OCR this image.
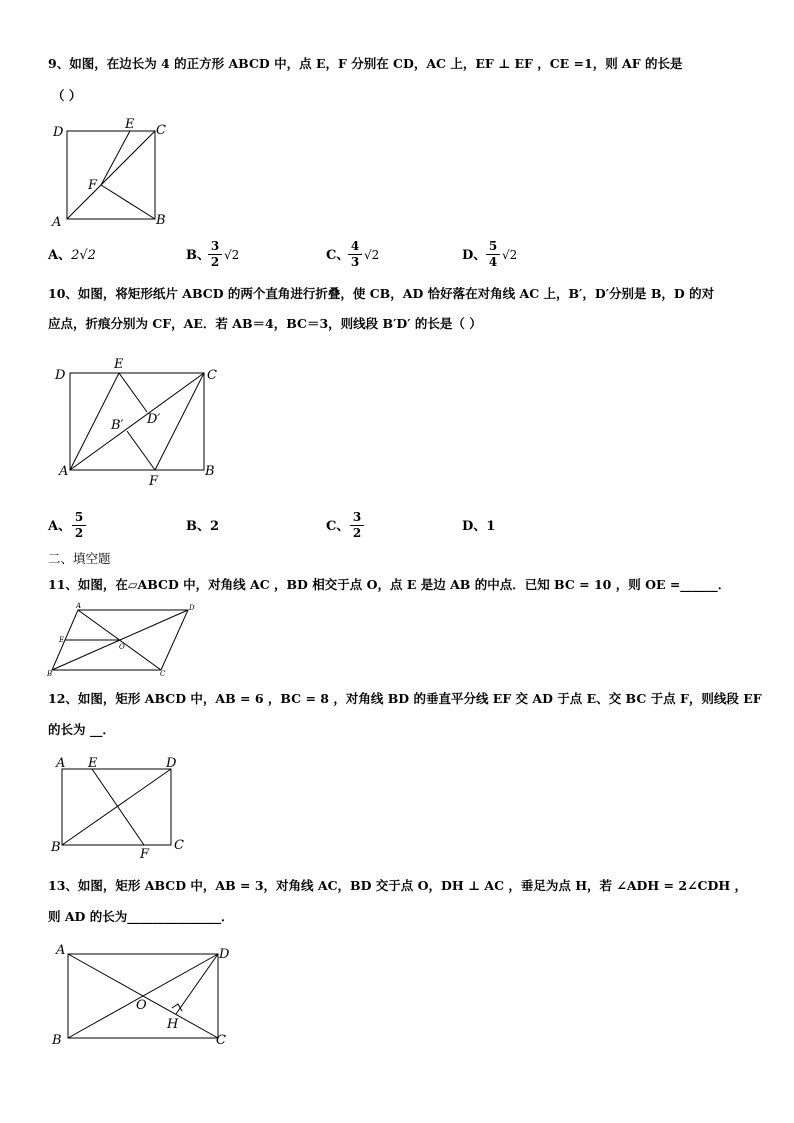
9、如图，在边长为 4 的正方形 ABCD 中，点 E，F 分别在 CD，AC 上，EF ⊥ EF ，CE =1，则 AF 的长是
（ ）
D
E C
F
A	B
A、2√2	B、
3
2 √2	C、
4
3 √2	D、
5
4 √2
10、如图，将矩形纸片 ABCD 的两个直角进行折叠，使 CB，AD 恰好落在对角线 AC 上，B′，D′分别是 B，D 的对
应点，折痕分别为 CF，AE．若 AB＝4，BC＝3，则线段 B′D′ 的长是（ ）
D
E
C
B′ D′
A
F
B
A、
5
2	B、2	C、
3
2	D、1
二、填空题
11、如图，在▱ABCD 中，对角线 AC ，BD 相交于点 O，点 E 是边 AB 的中点．已知 BC = 10 ，则 OE =______．
A	D
E
O
B	C
12、如图，矩形 ABCD 中，AB = 6 ，BC = 8 ，对角线 BD 的垂直平分线 EF 交 AD 于点 E、交 BC 于点 F，则线段 EF
的长为 __．
A E	D
B	F
C
13、如图，矩形 ABCD 中，AB = 3，对角线 AC，BD 交于点 O，DH ⊥ AC ，垂足为点 H，若 ∠ADH = 2∠CDH ，
则 AD 的长为_______________．
A	D
O
H
B	C
